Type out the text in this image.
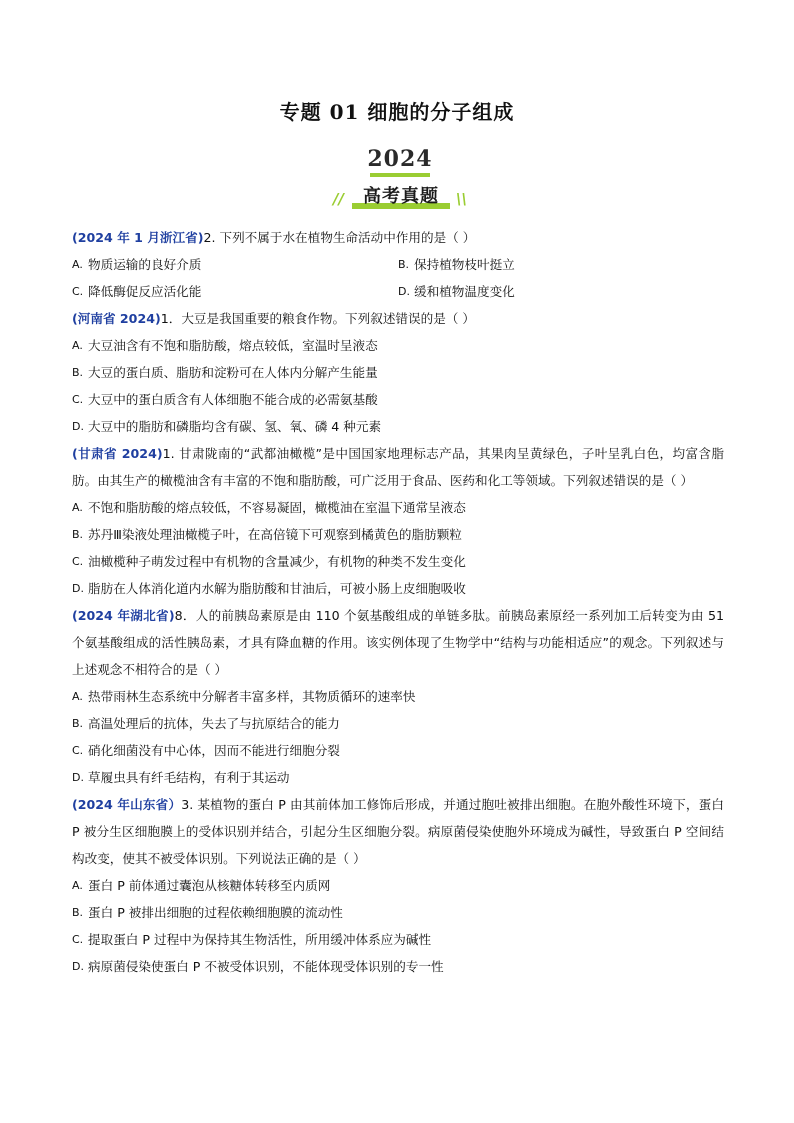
专题 01 细胞的分子组成
2024
//	高考真题	\\
(2024 年 1 月浙江省)2. 下列不属于水在植物生命活动中作用的是（ ）
A. 物质运输的良好介质	B. 保持植物枝叶挺立
C. 降低酶促反应活化能	D. 缓和植物温度变化
(河南省 2024)1．大豆是我国重要的粮食作物。下列叙述错误的是（ ）
A. 大豆油含有不饱和脂肪酸，熔点较低，室温时呈液态
B. 大豆的蛋白质、脂肪和淀粉可在人体内分解产生能量
C. 大豆中的蛋白质含有人体细胞不能合成的必需氨基酸
D. 大豆中的脂肪和磷脂均含有碳、氢、氧、磷 4 种元素
(甘肃省 2024)1. 甘肃陇南的“武都油橄榄”是中国国家地理标志产品，其果肉呈黄绿色，子叶呈乳白色，均富含脂肪。由其生产的橄榄油含有丰富的不饱和脂肪酸，可广泛用于食品、医药和化工等领域。下列叙述错误的是（ ）
A. 不饱和脂肪酸的熔点较低，不容易凝固，橄榄油在室温下通常呈液态
B. 苏丹Ⅲ染液处理油橄榄子叶，在高倍镜下可观察到橘黄色的脂肪颗粒
C. 油橄榄种子萌发过程中有机物的含量减少，有机物的种类不发生变化
D. 脂肪在人体消化道内水解为脂肪酸和甘油后，可被小肠上皮细胞吸收
(2024 年湖北省)8．人的前胰岛素原是由 110 个氨基酸组成的单链多肽。前胰岛素原经一系列加工后转变为由 51 个氨基酸组成的活性胰岛素，才具有降血糖的作用。该实例体现了生物学中“结构与功能相适应”的观念。下列叙述与上述观念不相符合的是（ ）
A. 热带雨林生态系统中分解者丰富多样，其物质循环的速率快
B. 高温处理后的抗体，失去了与抗原结合的能力
C. 硝化细菌没有中心体，因而不能进行细胞分裂
D. 草履虫具有纤毛结构，有利于其运动
(2024 年山东省）3. 某植物的蛋白 P 由其前体加工修饰后形成，并通过胞吐被排出细胞。在胞外酸性环境下，蛋白 P 被分生区细胞膜上的受体识别并结合，引起分生区细胞分裂。病原菌侵染使胞外环境成为碱性，导致蛋白 P 空间结构改变，使其不被受体识别。下列说法正确的是（ ）
A. 蛋白 P 前体通过囊泡从核糖体转移至内质网
B. 蛋白 P 被排出细胞的过程依赖细胞膜的流动性
C. 提取蛋白 P 过程中为保持其生物活性，所用缓冲体系应为碱性
D. 病原菌侵染使蛋白 P 不被受体识别，不能体现受体识别的专一性
